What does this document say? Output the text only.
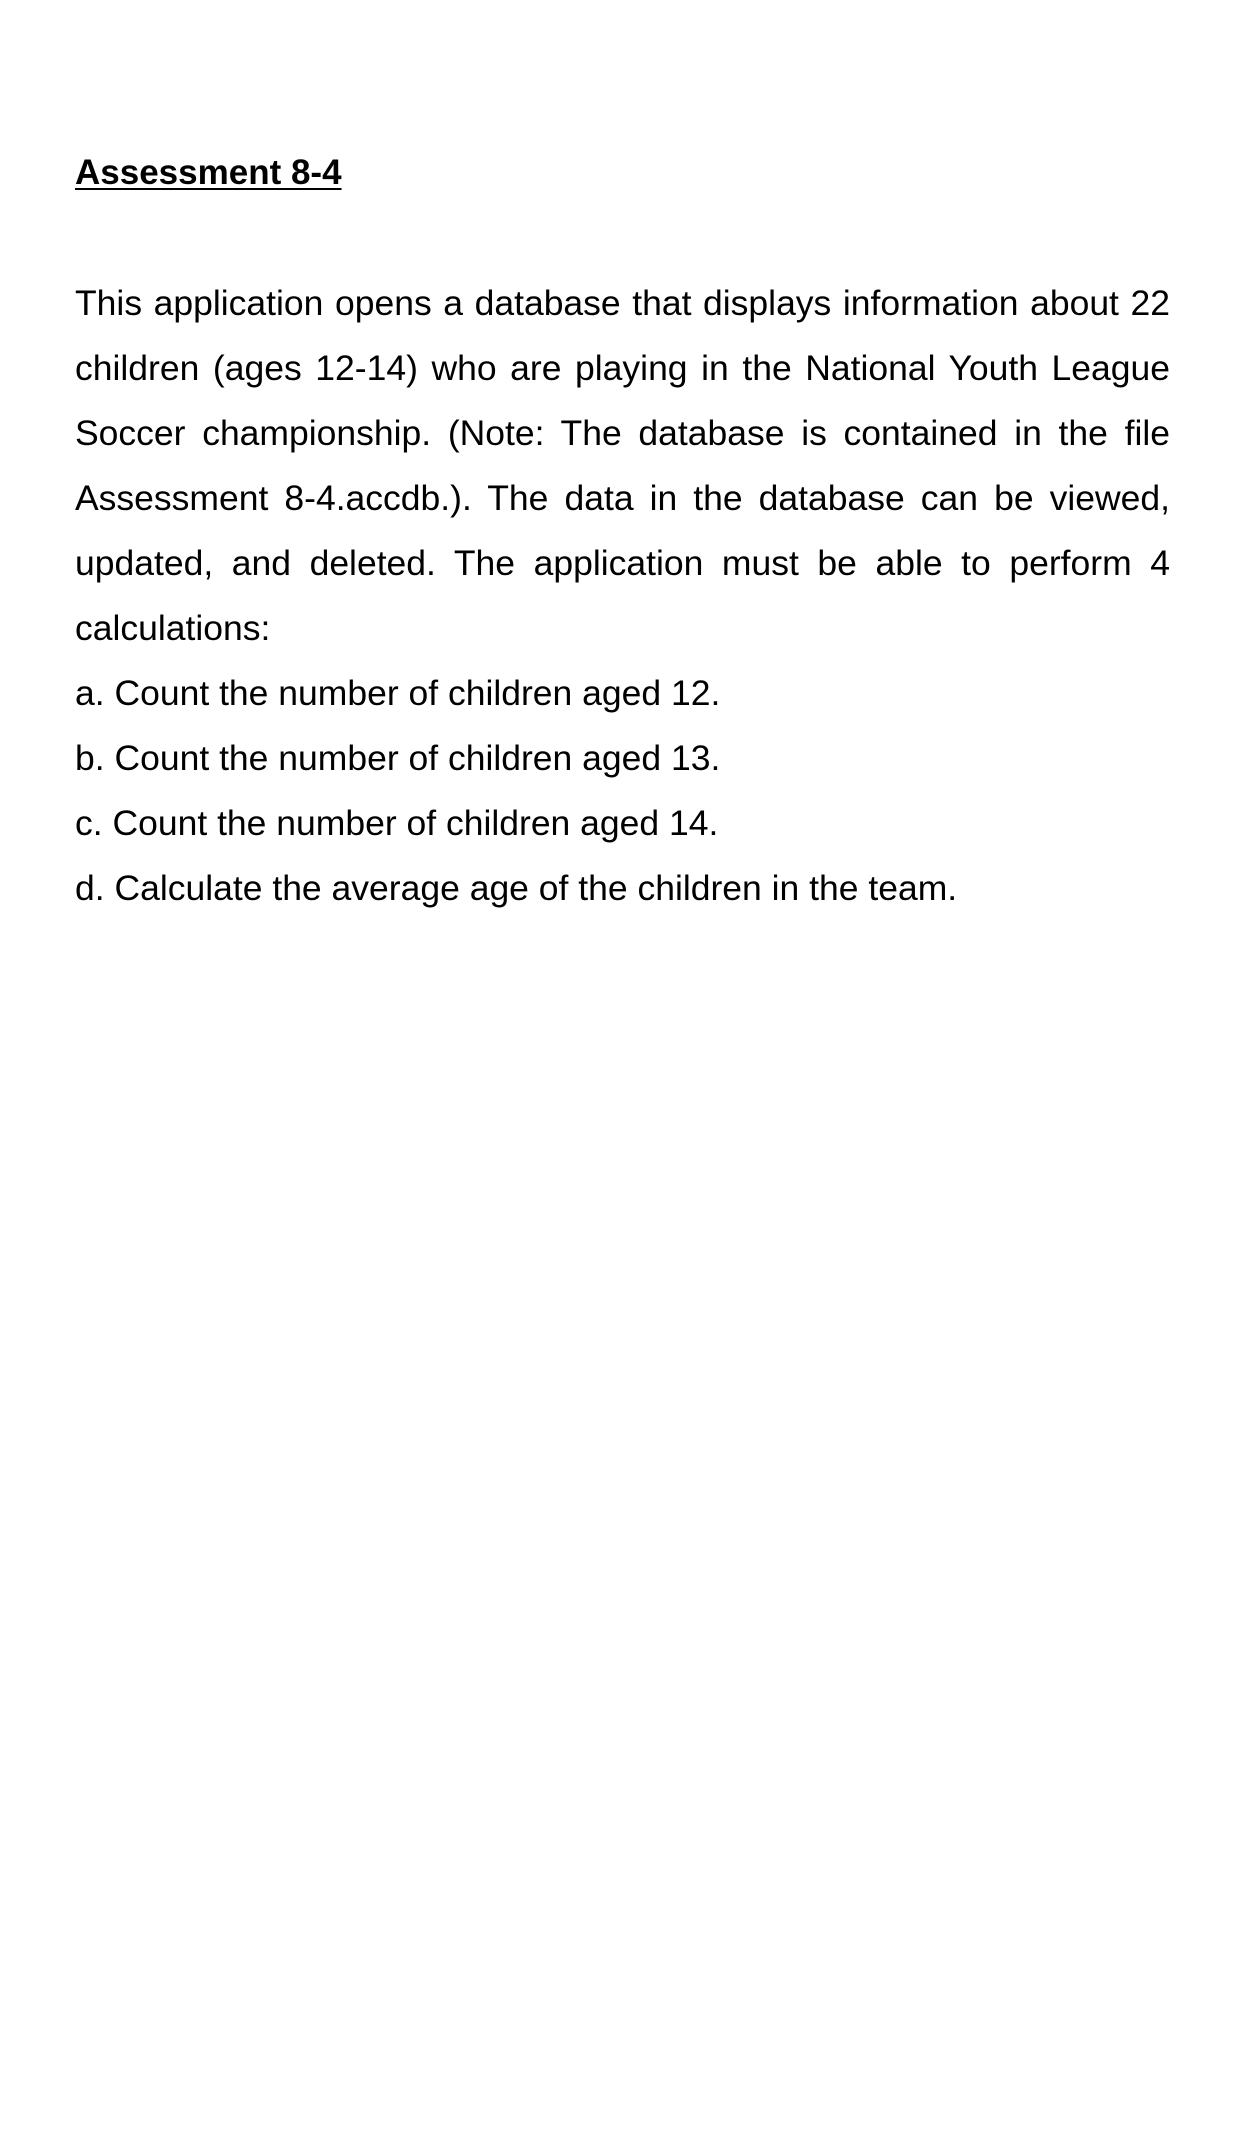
Assessment 8-4

This application opens a database that displays information about 22 children (ages 12-14) who are playing in the National Youth League Soccer championship. (Note: The database is contained in the file Assessment 8-4.accdb.). The data in the database can be viewed, updated, and deleted. The application must be able to perform 4 calculations:

a. Count the number of children aged 12.
b. Count the number of children aged 13.
c. Count the number of children aged 14.
d. Calculate the average age of the children in the team.
